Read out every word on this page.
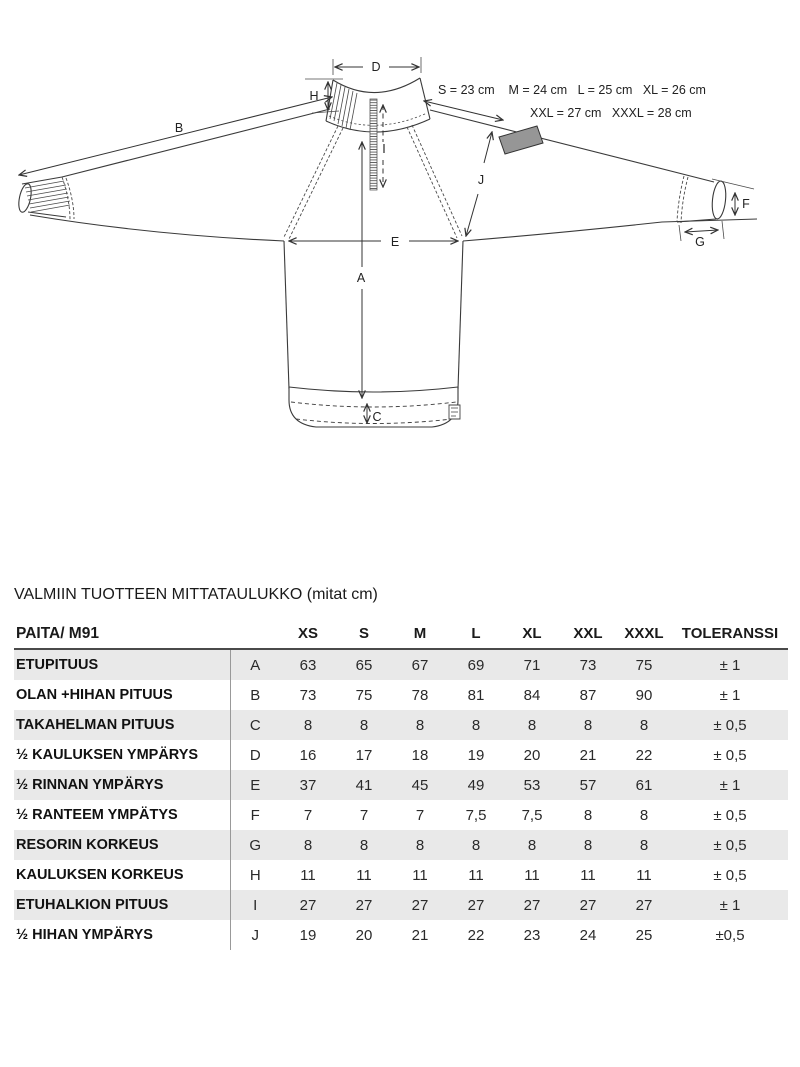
D
H
B
S = 23 cm    M = 24 cm   L = 25 cm   XL = 26 cm
XXL = 27 cm   XXXL = 28 cm
J
I
A
E
C
F
G
VALMIIN TUOTTEEN MITTATAULUKKO (mitat cm)
PAITA/ M91		XS	S	M	L	XL	XXL	XXXL	TOLERANSSI
ETUPITUUS	A	63	65	67	69	71	73	75	± 1
OLAN +HIHAN PITUUS	B	73	75	78	81	84	87	90	± 1
TAKAHELMAN PITUUS	C	8	8	8	8	8	8	8	± 0,5
½ KAULUKSEN YMPÄRYS	D	16	17	18	19	20	21	22	± 0,5
½ RINNAN YMPÄRYS	E	37	41	45	49	53	57	61	± 1
½ RANTEEM YMPÄTYS	F	7	7	7	7,5	7,5	8	8	± 0,5
RESORIN KORKEUS	G	8	8	8	8	8	8	8	± 0,5
KAULUKSEN KORKEUS	H	11	11	11	11	11	11	11	± 0,5
ETUHALKION PITUUS	I	27	27	27	27	27	27	27	± 1
½ HIHAN YMPÄRYS	J	19	20	21	22	23	24	25	±0,5
